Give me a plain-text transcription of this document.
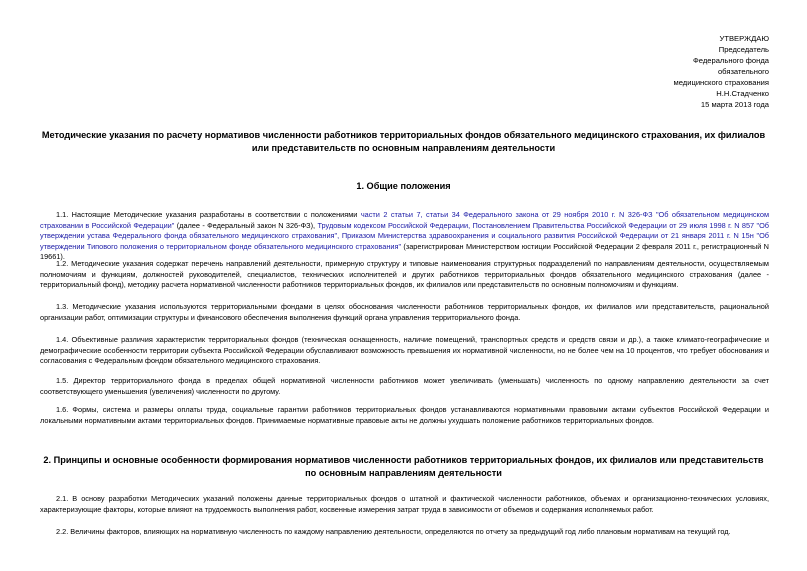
УТВЕРЖДАЮ
Председатель
Федерального фонда
обязательного
медицинского страхования
Н.Н.Стадченко
15 марта 2013 года
Методические указания по расчету нормативов численности работников территориальных фондов обязательного медицинского страхования, их филиалов или представительств по основным направлениям деятельности
1. Общие положения
1.1. Настоящие Методические указания разработаны в соответствии с положениями части 2 статьи 7, статьи 34 Федерального закона от 29 ноября 2010 г. N 326-ФЗ "Об обязательном медицинском страховании в Российской Федерации" (далее - Федеральный закон N 326-ФЗ), Трудовым кодексом Российской Федерации, Постановлением Правительства Российской Федерации от 29 июля 1998 г. N 857 "Об утверждении устава Федерального фонда обязательного медицинского страхования", Приказом Министерства здравоохранения и социального развития Российской Федерации от 21 января 2011 г. N 15н "Об утверждении Типового положения о территориальном фонде обязательного медицинского страхования" (зарегистрирован Министерством юстиции Российской Федерации 2 февраля 2011 г., регистрационный N 19661).
1.2. Методические указания содержат перечень направлений деятельности, примерную структуру и типовые наименования структурных подразделений по направлениям деятельности, осуществляемым полномочиям и функциям, должностей руководителей, специалистов, технических исполнителей и других работников территориальных фондов обязательного медицинского страхования (далее - территориальный фонд), методику расчета нормативной численности работников территориальных фондов, их филиалов или представительств по основным полномочиям и функциям.
1.3. Методические указания используются территориальными фондами в целях обоснования численности работников территориальных фондов, их филиалов или представительств, рациональной организации работ, оптимизации структуры и финансового обеспечения выполнения функций органа управления территориального фонда.
1.4. Объективные различия характеристик территориальных фондов (техническая оснащенность, наличие помещений, транспортных средств и средств связи и др.), а также климато-географические и демографические особенности территории субъекта Российской Федерации обуславливают возможность превышения их нормативной численности, но не более чем на 10 процентов, что требует обоснования и согласования с Федеральным фондом обязательного медицинского страхования.
1.5. Директор территориального фонда в пределах общей нормативной численности работников может увеличивать (уменьшать) численность по одному направлению деятельности за счет соответствующего уменьшения (увеличения) численности по другому.
1.6. Формы, система и размеры оплаты труда, социальные гарантии работников территориальных фондов устанавливаются нормативными правовыми актами субъектов Российской Федерации и локальными нормативными актами территориальных фондов. Принимаемые нормативные правовые акты не должны ухудшать положение работников территориальных фондов.
2. Принципы и основные особенности формирования нормативов численности работников территориальных фондов, их филиалов или представительств по основным направлениям деятельности
2.1. В основу разработки Методических указаний положены данные территориальных фондов о штатной и фактической численности работников, объемах и организационно-технических условиях, характеризующие факторы, которые влияют на трудоемкость выполнения работ, косвенные измерения затрат труда в зависимости от объемов и содержания исполняемых работ.
2.2. Величины факторов, влияющих на нормативную численность по каждому направлению деятельности, определяются по отчету за предыдущий год либо плановым нормативам на текущий год.
